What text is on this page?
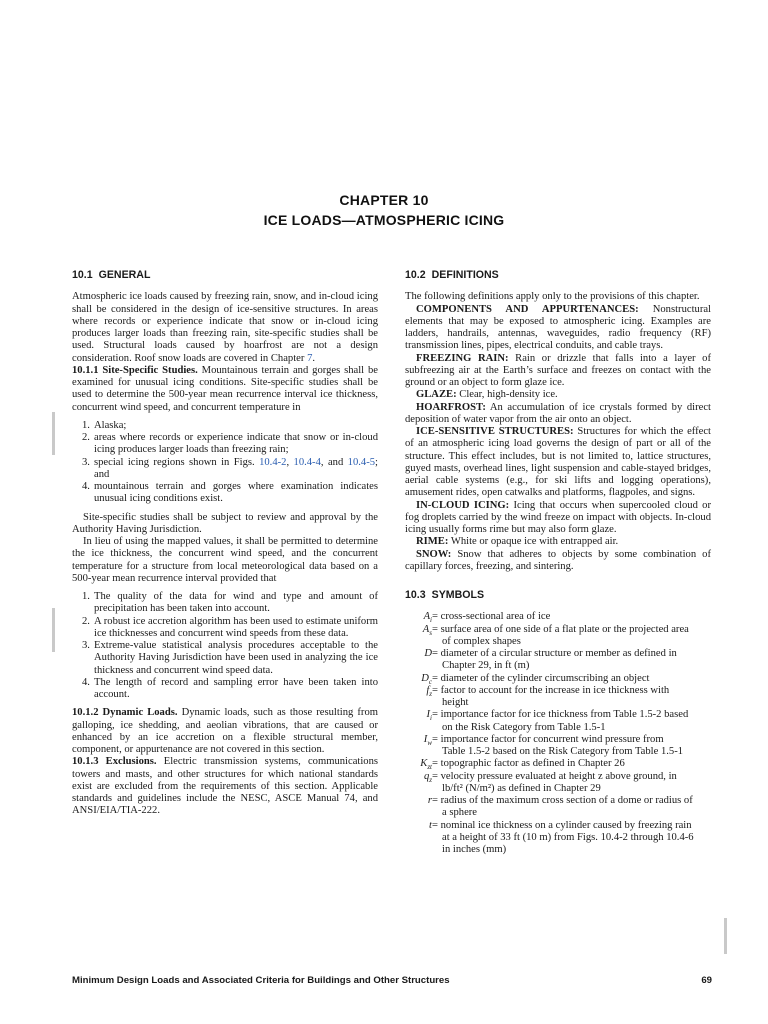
CHAPTER 10
ICE LOADS—ATMOSPHERIC ICING
10.1 GENERAL

Atmospheric ice loads caused by freezing rain, snow, and in-cloud icing shall be considered in the design of ice-sensitive structures. In areas where records or experience indicate that snow or in-cloud icing produces larger loads than freezing rain, site-specific studies shall be used. Structural loads caused by hoarfrost are not a design consideration. Roof snow loads are covered in Chapter 7.

10.1.1 Site-Specific Studies. Mountainous terrain and gorges shall be examined for unusual icing conditions. Site-specific studies shall be used to determine the 500-year mean recurrence interval ice thickness, concurrent wind speed, and concurrent temperature in

1. Alaska;
2. areas where records or experience indicate that snow or in-cloud icing produces larger loads than freezing rain;
3. special icing regions shown in Figs. 10.4-2, 10.4-4, and 10.4-5; and
4. mountainous terrain and gorges where examination indicates unusual icing conditions exist.

Site-specific studies shall be subject to review and approval by the Authority Having Jurisdiction.

In lieu of using the mapped values, it shall be permitted to determine the ice thickness, the concurrent wind speed, and the concurrent temperature for a structure from local meteorological data based on a 500-year mean recurrence interval provided that

1. The quality of the data for wind and type and amount of precipitation has been taken into account.
2. A robust ice accretion algorithm has been used to estimate uniform ice thicknesses and concurrent wind speeds from these data.
3. Extreme-value statistical analysis procedures acceptable to the Authority Having Jurisdiction have been used in analyzing the ice thickness and concurrent wind speed data.
4. The length of record and sampling error have been taken into account.

10.1.2 Dynamic Loads. Dynamic loads, such as those resulting from galloping, ice shedding, and aeolian vibrations, that are caused or enhanced by an ice accretion on a flexible structural member, component, or appurtenance are not covered in this section.

10.1.3 Exclusions. Electric transmission systems, communications towers and masts, and other structures for which national standards exist are excluded from the requirements of this section. Applicable standards and guidelines include the NESC, ASCE Manual 74, and ANSI/EIA/TIA-222.

10.2 DEFINITIONS

The following definitions apply only to the provisions of this chapter.

COMPONENTS AND APPURTENANCES: Nonstructural elements that may be exposed to atmospheric icing. Examples are ladders, handrails, antennas, waveguides, radio frequency (RF) transmission lines, pipes, electrical conduits, and cable trays.

FREEZING RAIN: Rain or drizzle that falls into a layer of subfreezing air at the Earth’s surface and freezes on contact with the ground or an object to form glaze ice.

GLAZE: Clear, high-density ice.

HOARFROST: An accumulation of ice crystals formed by direct deposition of water vapor from the air onto an object.

ICE-SENSITIVE STRUCTURES: Structures for which the effect of an atmospheric icing load governs the design of part or all of the structure. This effect includes, but is not limited to, lattice structures, guyed masts, overhead lines, light suspension and cable-stayed bridges, aerial cable systems (e.g., for ski lifts and logging operations), amusement rides, open catwalks and platforms, flagpoles, and signs.

IN-CLOUD ICING: Icing that occurs when supercooled cloud or fog droplets carried by the wind freeze on impact with objects. In-cloud icing usually forms rime but may also form glaze.

RIME: White or opaque ice with entrapped air.

SNOW: Snow that adheres to objects by some combination of capillary forces, freezing, and sintering.

10.3 SYMBOLS
$A_i$ = cross-sectional area of ice
$A_s$ = surface area of one side of a flat plate or the projected area
of complex shapes
D = diameter of a circular structure or member as defined in
Chapter 29, in ft (m)
$D_c$ = diameter of the cylinder circumscribing an object
$f_z$ = factor to account for the increase in ice thickness with
height
$I_i$ = importance factor for ice thickness from Table 1.5-2 based
on the Risk Category from Table 1.5-1
$I_w$ = importance factor for concurrent wind pressure from
Table 1.5-2 based on the Risk Category from Table 1.5-1
$K_{zt}$ = topographic factor as defined in Chapter 26
$q_z$ = velocity pressure evaluated at height z above ground, in
lb/ft² (N/m²) as defined in Chapter 29
r = radius of the maximum cross section of a dome or radius of
a sphere
t = nominal ice thickness on a cylinder caused by freezing rain
at a height of 33 ft (10 m) from Figs. 10.4-2 through 10.4-6
in inches (mm)
Minimum Design Loads and Associated Criteria for Buildings and Other Structures	69
